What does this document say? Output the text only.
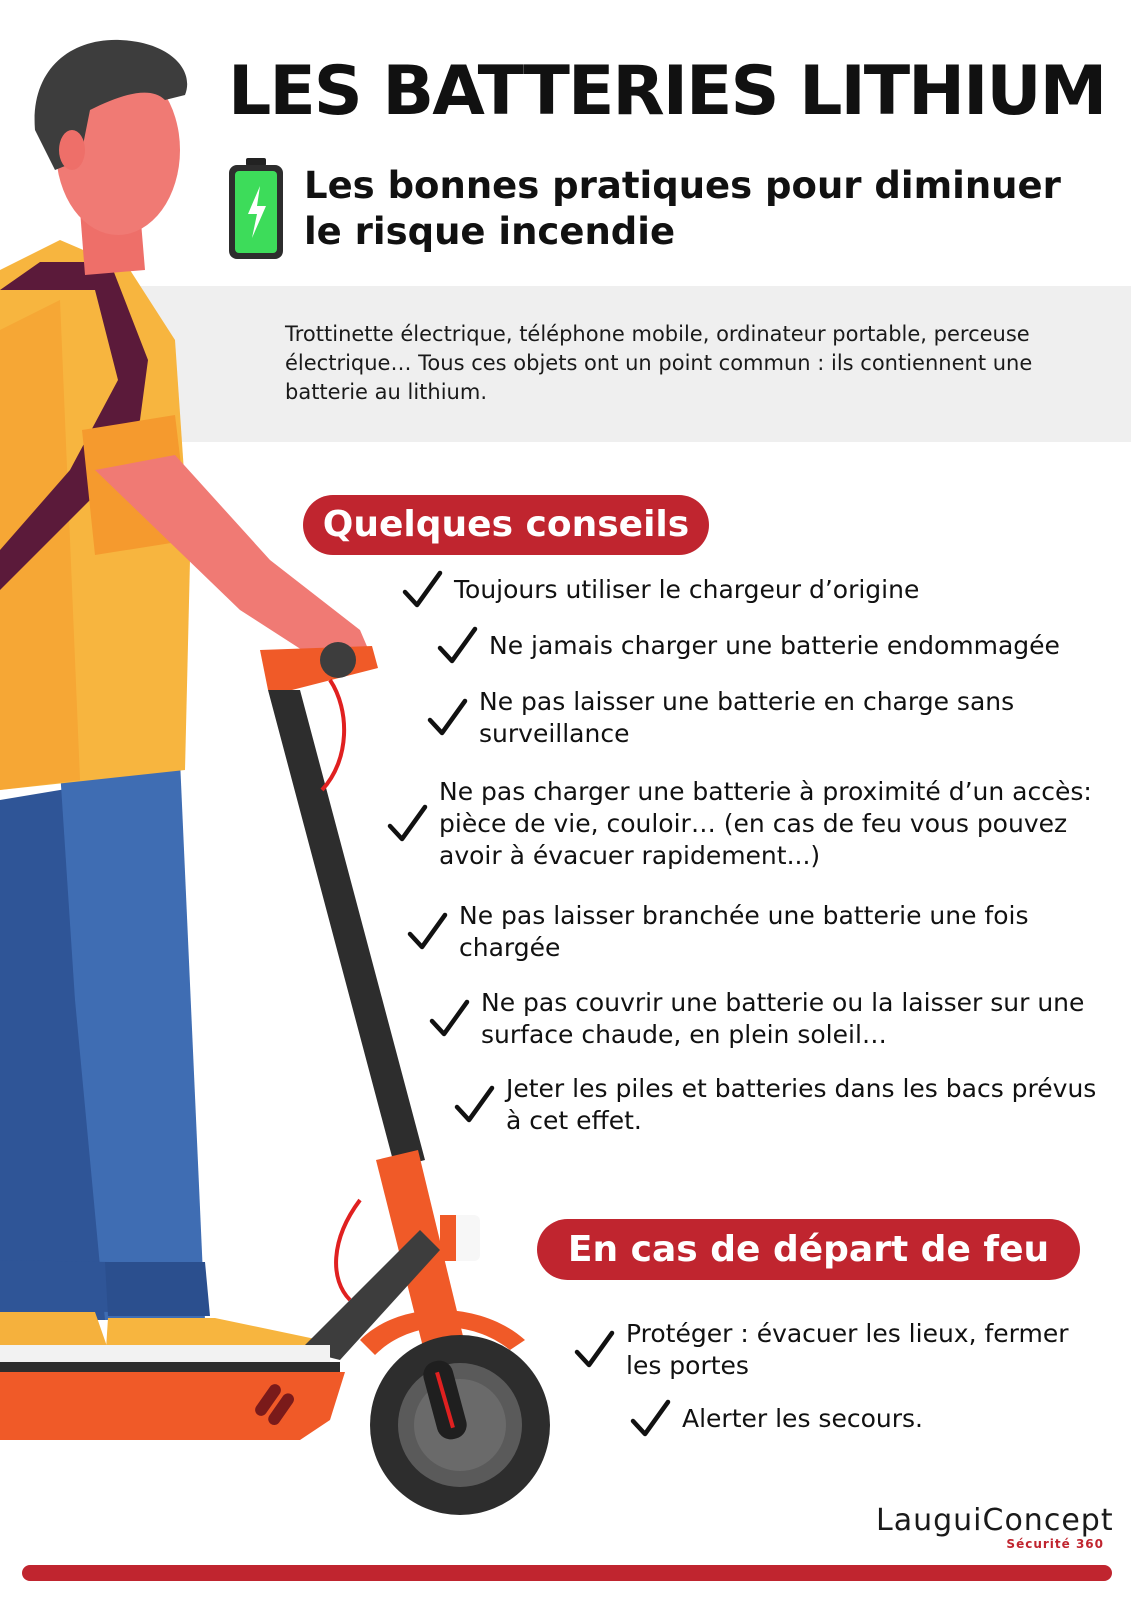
LES BATTERIES LITHIUM
Les bonnes pratiques pour diminuer le risque incendie
Trottinette électrique, téléphone mobile, ordinateur portable, perceuse électrique… Tous ces objets ont un point commun : ils contiennent une batterie au lithium.
Quelques conseils
Toujours utiliser le chargeur d’origine
Ne jamais charger une batterie endommagée
Ne pas laisser une batterie en charge sans surveillance
Ne pas charger une batterie à proximité d’un accès: pièce de vie, couloir… (en cas de feu vous pouvez avoir à évacuer rapidement...)
Ne pas laisser branchée une batterie une fois chargée
Ne pas couvrir une batterie ou la laisser sur une surface chaude, en plein soleil…
Jeter les piles et batteries dans les bacs prévus à cet effet.
En cas de départ de feu
Protéger : évacuer les lieux, fermer les portes
Alerter les secours.
LauguiConcept
Sécurité 360
